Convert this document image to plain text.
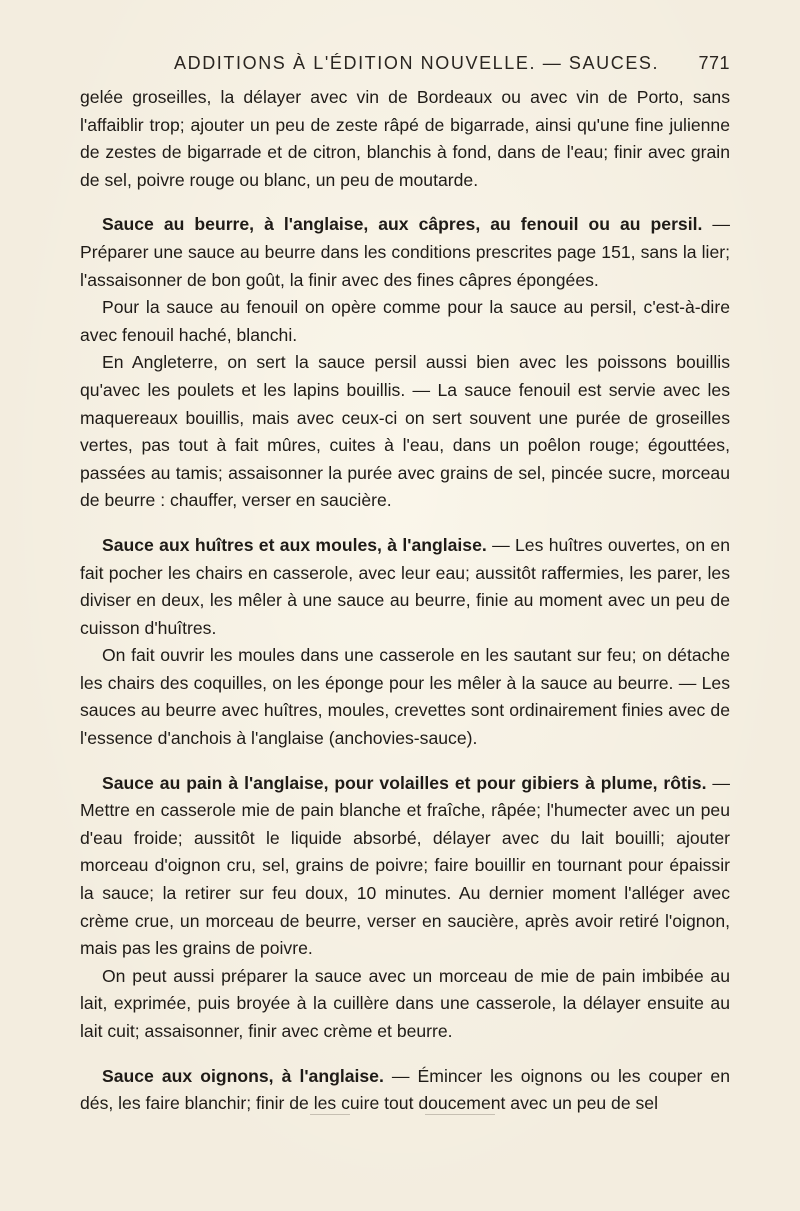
ADDITIONS À L'ÉDITION NOUVELLE. — SAUCES. 771

gelée groseilles, la délayer avec vin de Bordeaux ou avec vin de Porto, sans l'affaiblir trop; ajouter un peu de zeste râpé de bigarrade, ainsi qu'une fine julienne de zestes de bigarrade et de citron, blanchis à fond, dans de l'eau; finir avec grain de sel, poivre rouge ou blanc, un peu de moutarde.

Sauce au beurre, à l'anglaise, aux câpres, au fenouil ou au persil. — Préparer une sauce au beurre dans les conditions prescrites page 151, sans la lier; l'assaisonner de bon goût, la finir avec des fines câpres épongées.

Pour la sauce au fenouil on opère comme pour la sauce au persil, c'est-à-dire avec fenouil haché, blanchi.

En Angleterre, on sert la sauce persil aussi bien avec les poissons bouillis qu'avec les poulets et les lapins bouillis. — La sauce fenouil est servie avec les maquereaux bouillis, mais avec ceux-ci on sert souvent une purée de groseilles vertes, pas tout à fait mûres, cuites à l'eau, dans un poêlon rouge; égouttées, passées au tamis; assaisonner la purée avec grains de sel, pincée sucre, morceau de beurre : chauffer, verser en saucière.

Sauce aux huîtres et aux moules, à l'anglaise. — Les huîtres ouvertes, on en fait pocher les chairs en casserole, avec leur eau; aussitôt raffermies, les parer, les diviser en deux, les mêler à une sauce au beurre, finie au moment avec un peu de cuisson d'huîtres.

On fait ouvrir les moules dans une casserole en les sautant sur feu; on détache les chairs des coquilles, on les éponge pour les mêler à la sauce au beurre. — Les sauces au beurre avec huîtres, moules, crevettes sont ordinairement finies avec de l'essence d'anchois à l'anglaise (anchovies-sauce).

Sauce au pain à l'anglaise, pour volailles et pour gibiers à plume, rôtis. — Mettre en casserole mie de pain blanche et fraîche, râpée; l'humecter avec un peu d'eau froide; aussitôt le liquide absorbé, délayer avec du lait bouilli; ajouter morceau d'oignon cru, sel, grains de poivre; faire bouillir en tournant pour épaissir la sauce; la retirer sur feu doux, 10 minutes. Au dernier moment l'alléger avec crème crue, un morceau de beurre, verser en saucière, après avoir retiré l'oignon, mais pas les grains de poivre.

On peut aussi préparer la sauce avec un morceau de mie de pain imbibée au lait, exprimée, puis broyée à la cuillère dans une casserole, la délayer ensuite au lait cuit; assaisonner, finir avec crème et beurre.

Sauce aux oignons, à l'anglaise. — Émincer les oignons ou les couper en dés, les faire blanchir; finir de les cuire tout doucement avec un peu de sel
